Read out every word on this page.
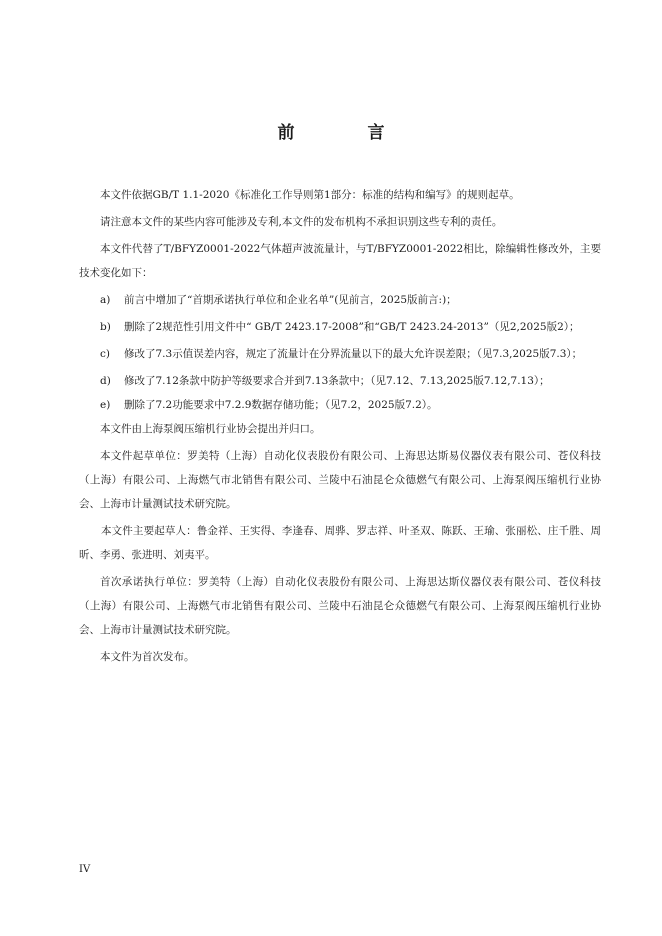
前　言

本文件依据GB/T 1.1-2020《标准化工作导则第1部分：标准的结构和编写》的规则起草。

请注意本文件的某些内容可能涉及专利,本文件的发布机构不承担识别这些专利的责任。

本文件代替了T/BFYZ0001-2022气体超声波流量计，与T/BFYZ0001-2022相比，除编辑性修改外，主要技术变化如下：

a) 前言中增加了“首期承诺执行单位和企业名单”(见前言，2025版前言:)；

b) 删除了2规范性引用文件中“ GB/T 2423.17-2008”和“GB/T 2423.24-2013”（见2,2025版2）；

c) 修改了7.3示值误差内容，规定了流量计在分界流量以下的最大允许误差限；（见7.3,2025版7.3）；

d) 修改了7.12条款中防护等级要求合并到7.13条款中；（见7.12、7.13,2025版7.12,7.13）；

e) 删除了7.2功能要求中7.2.9数据存储功能；（见7.2，2025版7.2）。

本文件由上海泵阀压缩机行业协会提出并归口。

本文件起草单位：罗美特（上海）自动化仪表股份有限公司、上海思达斯易仪器仪表有限公司、苍仪科技（上海）有限公司、上海燃气市北销售有限公司、兰陵中石油昆仑众德燃气有限公司、上海泵阀压缩机行业协会、上海市计量测试技术研究院。

本文件主要起草人：鲁金祥、王实得、李逢春、周骅、罗志祥、叶圣双、陈跃、王瑜、张丽松、庄千胜、周昕、李勇、张进明、刘夷平。

首次承诺执行单位：罗美特（上海）自动化仪表股份有限公司、上海思达斯仪器仪表有限公司、苍仪科技（上海）有限公司、上海燃气市北销售有限公司、兰陵中石油昆仑众德燃气有限公司、上海泵阀压缩机行业协会、上海市计量测试技术研究院。

本文件为首次发布。

IV
